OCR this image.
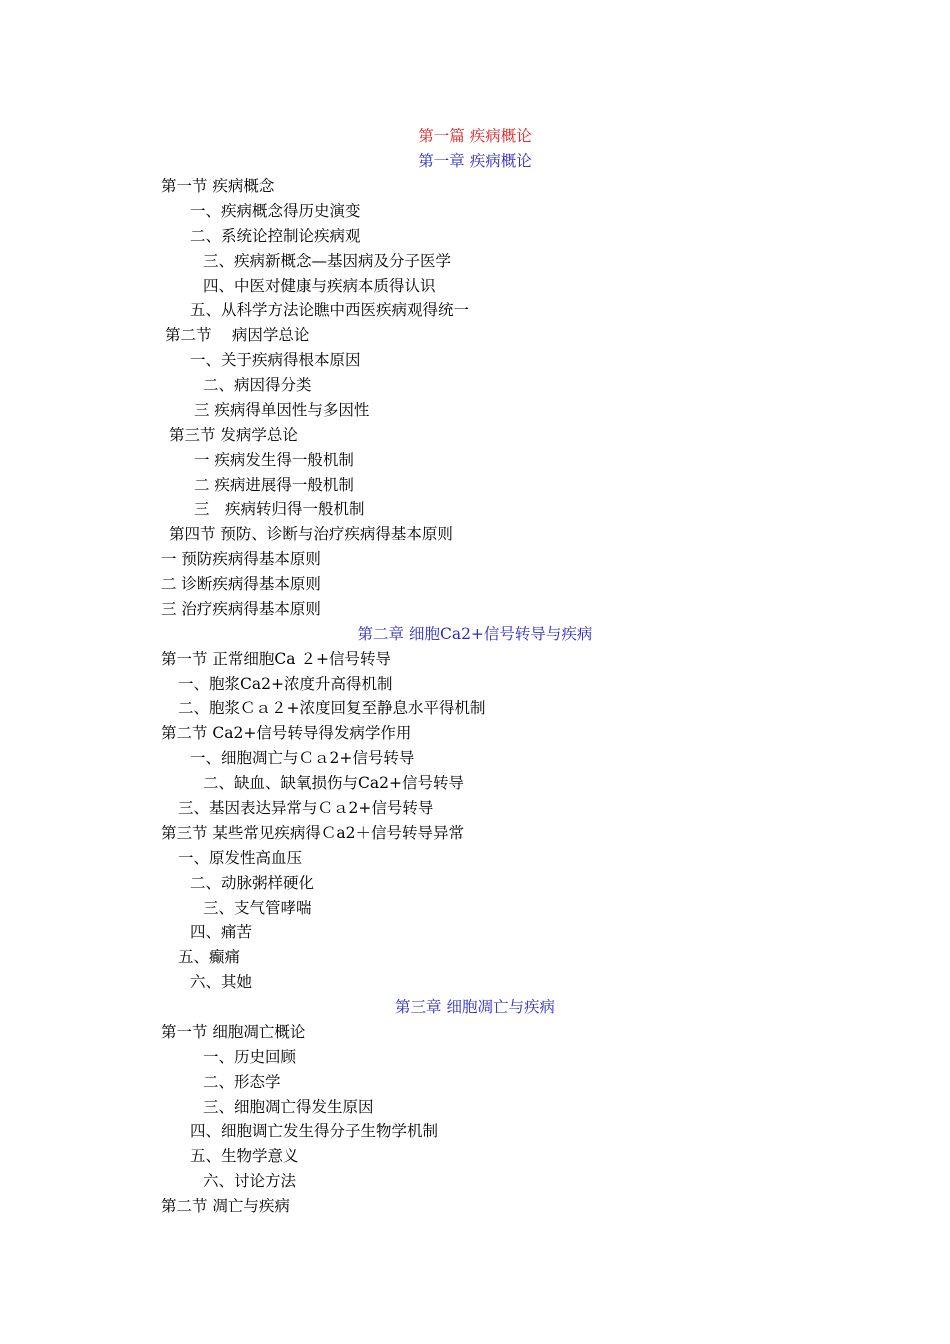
第一篇 疾病概论
第一章 疾病概论
第一节 疾病概念
一、疾病概念得历史演变
二、系统论控制论疾病观
三、疾病新概念—基因病及分子医学
四、中医对健康与疾病本质得认识
五、从科学方法论瞧中西医疾病观得统一
第二节　 病因学总论
一、关于疾病得根本原因
二、病因得分类
三 疾病得单因性与多因性
第三节 发病学总论
一 疾病发生得一般机制
二 疾病进展得一般机制
三　疾病转归得一般机制
第四节 预防、诊断与治疗疾病得基本原则
一 预防疾病得基本原则
二 诊断疾病得基本原则
三 治疗疾病得基本原则
第二章 细胞Ca2+信号转导与疾病
第一节 正常细胞Ca ２+信号转导
一、胞浆Ca2+浓度升高得机制
二、胞浆Ｃａ２+浓度回复至静息水平得机制
第二节 Ca2+信号转导得发病学作用
一、细胞凋亡与Ｃａ2+信号转导
二、缺血、缺氧损伤与Ca2+信号转导
三、基因表达异常与Ｃａ2+信号转导
第三节 某些常见疾病得Ｃa2＋信号转导异常
一、原发性高血压
二、动脉粥样硬化
三、支气管哮喘
四、痛苦
五、癫痛
六、其她
第三章 细胞凋亡与疾病
第一节 细胞凋亡概论
一、历史回顾
二、形态学
三、细胞凋亡得发生原因
四、细胞调亡发生得分子生物学机制
五、生物学意义
六、讨论方法
第二节 凋亡与疾病
